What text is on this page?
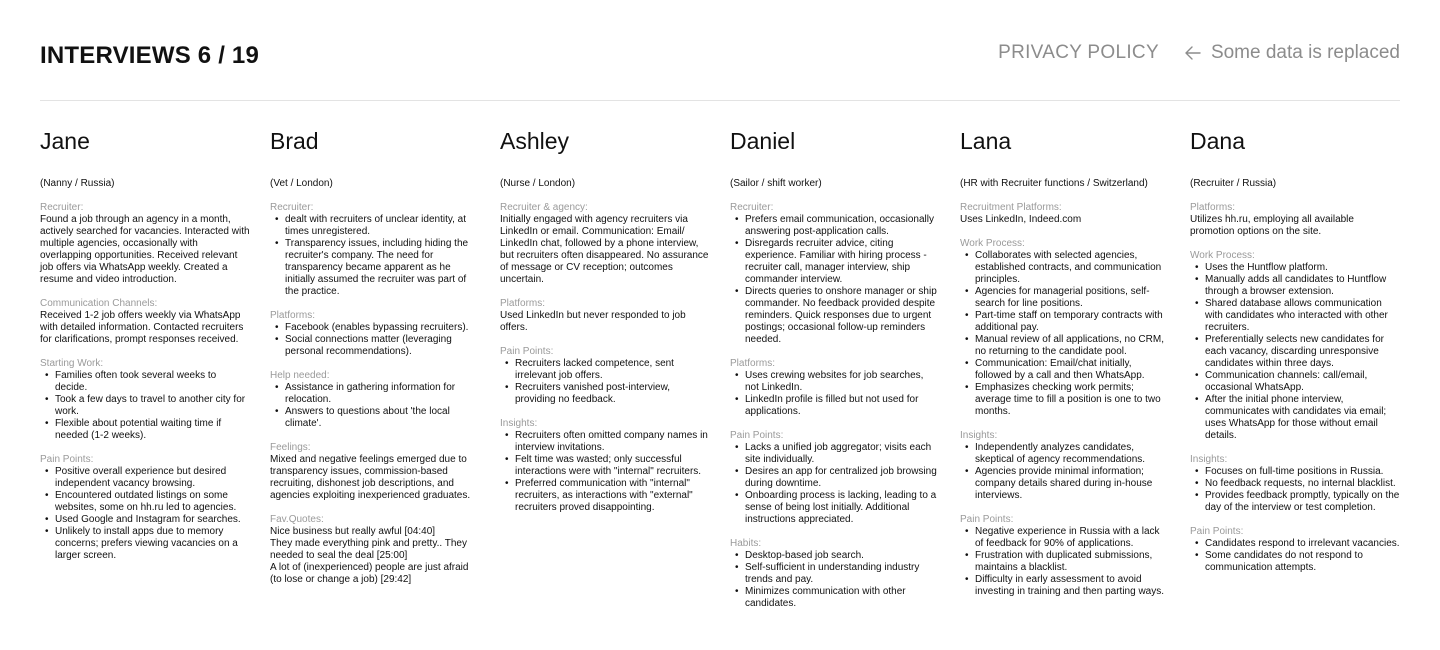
INTERVIEWS 6 / 19	PRIVACY POLICY	Some data is replaced
Jane
(Nanny / Russia)
Recruiter:
Found a job through an agency in a month, actively searched for vacancies. Interacted with multiple agencies, occasionally with overlapping opportunities. Received relevant job offers via WhatsApp weekly. Created a resume and video introduction.
Communication Channels:
Received 1-2 job offers weekly via WhatsApp with detailed information. Contacted recruiters for clarifications, prompt responses received.
Starting Work:
• Families often took several weeks to decide.
• Took a few days to travel to another city for work.
• Flexible about potential waiting time if needed (1-2 weeks).
Pain Points:
• Positive overall experience but desired independent vacancy browsing.
• Encountered outdated listings on some websites, some on hh.ru led to agencies.
• Used Google and Instagram for searches.
• Unlikely to install apps due to memory concerns; prefers viewing vacancies on a larger screen.
Brad
(Vet / London)
Recruiter:
• dealt with recruiters of unclear identity, at times unregistered.
• Transparency issues, including hiding the recruiter's company. The need for transparency became apparent as he initially assumed the recruiter was part of the practice.
Platforms:
• Facebook (enables bypassing recruiters).
• Social connections matter (leveraging personal recommendations).
Help needed:
• Assistance in gathering information for relocation.
• Answers to questions about 'the local climate'.
Feelings:
Mixed and negative feelings emerged due to transparency issues, commission-based recruiting, dishonest job descriptions, and agencies exploiting inexperienced graduates.
Fav.Quotes:
Nice business but really awful [04:40]
They made everything pink and pretty.. They needed to seal the deal [25:00]
A lot of (inexperienced) people are just afraid (to lose or change a job) [29:42]
Ashley
(Nurse / London)
Recruiter & agency:
Initially engaged with agency recruiters via LinkedIn or email. Communication: Email/ LinkedIn chat, followed by a phone interview, but recruiters often disappeared. No assurance of message or CV reception; outcomes uncertain.
Platforms:
Used LinkedIn but never responded to job offers.
Pain Points:
• Recruiters lacked competence, sent irrelevant job offers.
• Recruiters vanished post-interview, providing no feedback.
Insights:
• Recruiters often omitted company names in interview invitations.
• Felt time was wasted; only successful interactions were with "internal" recruiters.
• Preferred communication with "internal" recruiters, as interactions with "external" recruiters proved disappointing.
Daniel
(Sailor / shift worker)
Recruiter:
• Prefers email communication, occasionally answering post-application calls.
• Disregards recruiter advice, citing experience. Familiar with hiring process - recruiter call, manager interview, ship commander interview.
• Directs queries to onshore manager or ship commander. No feedback provided despite reminders. Quick responses due to urgent postings; occasional follow-up reminders needed.
Platforms:
• Uses crewing websites for job searches, not LinkedIn.
• LinkedIn profile is filled but not used for applications.
Pain Points:
• Lacks a unified job aggregator; visits each site individually.
• Desires an app for centralized job browsing during downtime.
• Onboarding process is lacking, leading to a sense of being lost initially. Additional instructions appreciated.
Habits:
• Desktop-based job search.
• Self-sufficient in understanding industry trends and pay.
• Minimizes communication with other candidates.
Lana
(HR with Recruiter functions / Switzerland)
Recruitment Platforms:
Uses LinkedIn, Indeed.com
Work Process:
• Collaborates with selected agencies, established contracts, and communication principles.
• Agencies for managerial positions, self-search for line positions.
• Part-time staff on temporary contracts with additional pay.
• Manual review of all applications, no CRM, no returning to the candidate pool.
• Communication: Email/chat initially, followed by a call and then WhatsApp.
• Emphasizes checking work permits; average time to fill a position is one to two months.
Insights:
• Independently analyzes candidates, skeptical of agency recommendations.
• Agencies provide minimal information; company details shared during in-house interviews.
Pain Points:
• Negative experience in Russia with a lack of feedback for 90% of applications.
• Frustration with duplicated submissions, maintains a blacklist.
• Difficulty in early assessment to avoid investing in training and then parting ways.
Dana
(Recruiter / Russia)
Platforms:
Utilizes hh.ru, employing all available promotion options on the site.
Work Process:
• Uses the Huntflow platform.
• Manually adds all candidates to Huntflow through a browser extension.
• Shared database allows communication with candidates who interacted with other recruiters.
• Preferentially selects new candidates for each vacancy, discarding unresponsive candidates within three days.
• Communication channels: call/email, occasional WhatsApp.
• After the initial phone interview, communicates with candidates via email; uses WhatsApp for those without email details.
Insights:
• Focuses on full-time positions in Russia.
• No feedback requests, no internal blacklist.
• Provides feedback promptly, typically on the day of the interview or test completion.
Pain Points:
• Candidates respond to irrelevant vacancies.
• Some candidates do not respond to communication attempts.
